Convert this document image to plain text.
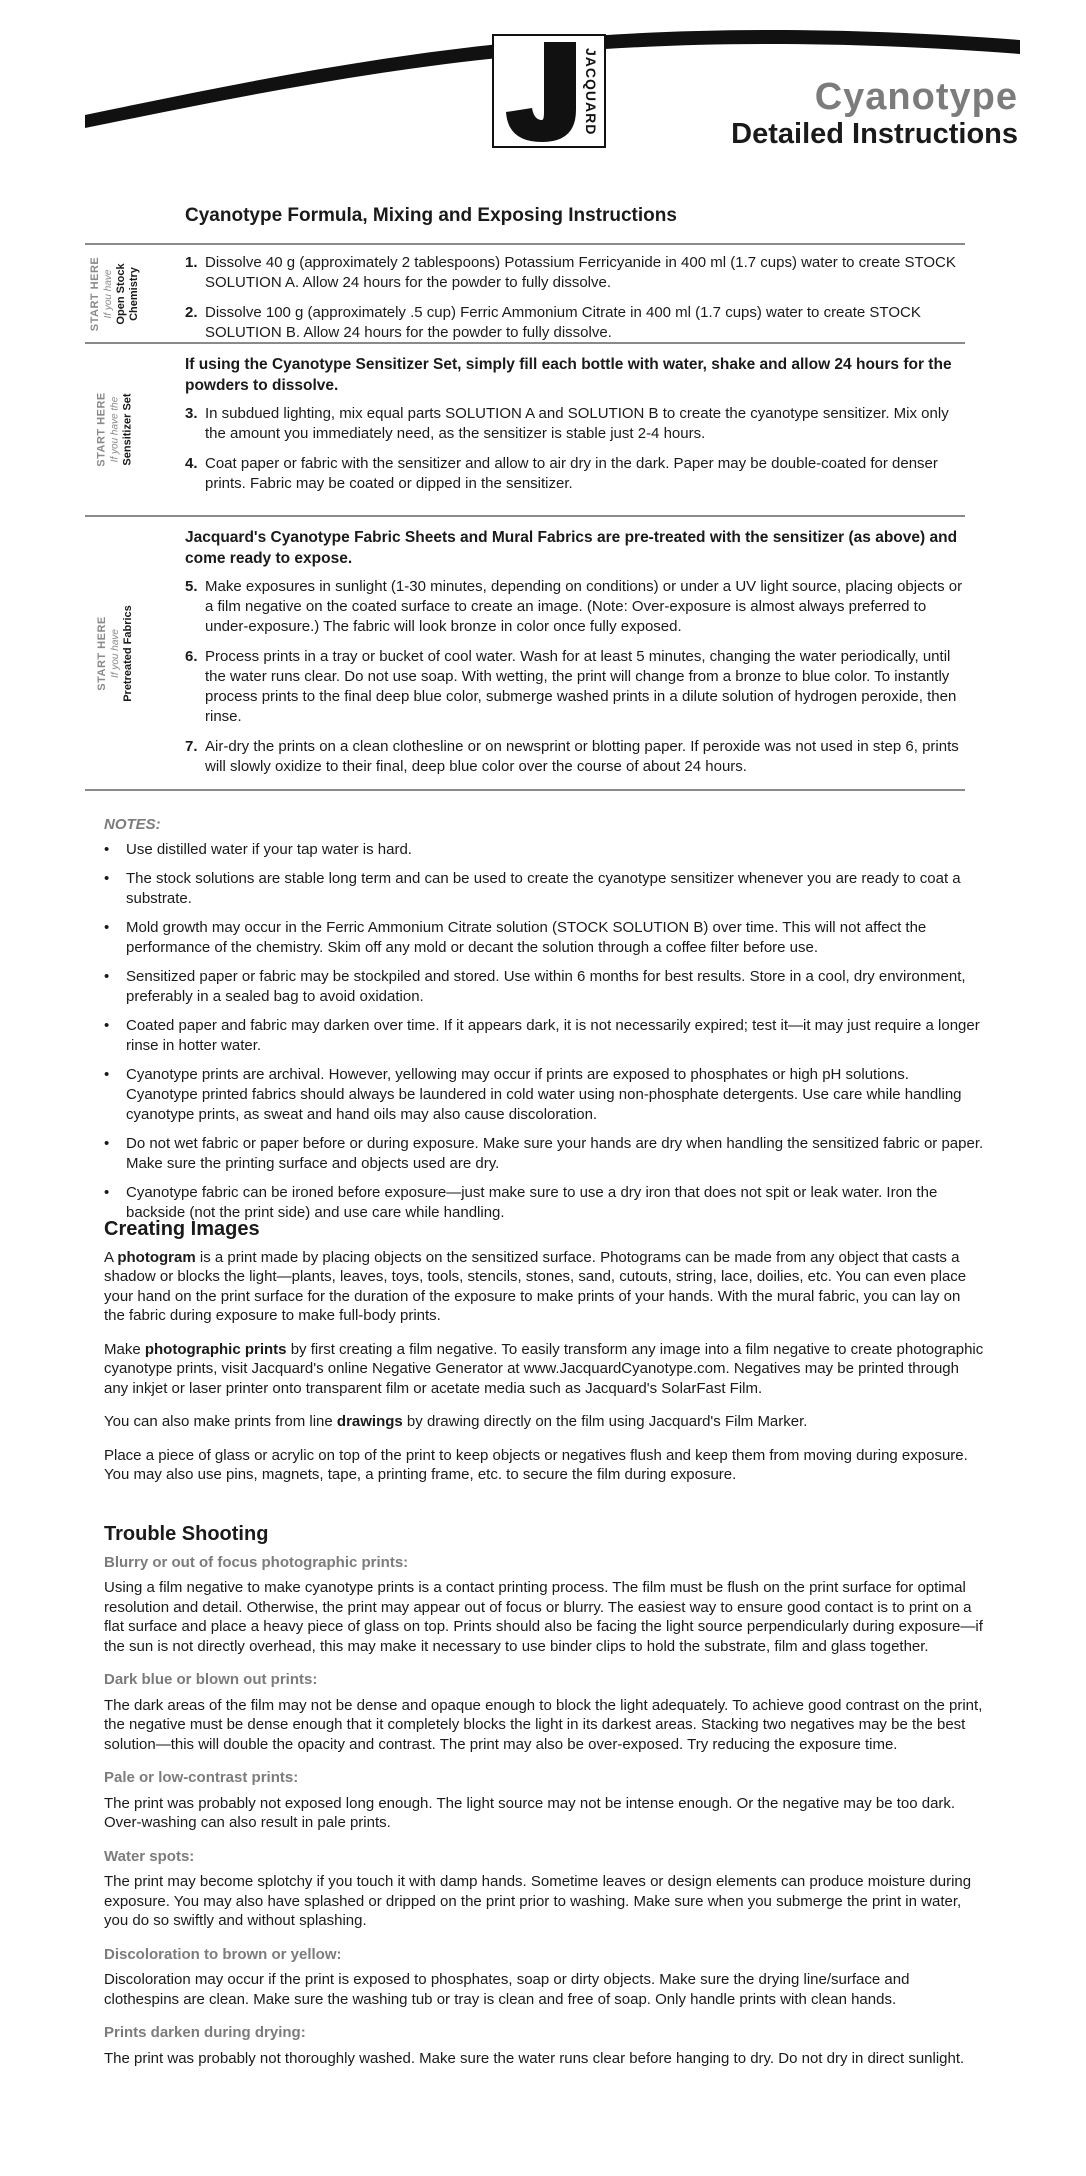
JACQUARD	Cyanotype
Detailed Instructions
Cyanotype Formula, Mixing and Exposing Instructions
START HERE If you have Open Stock Chemistry
1. Dissolve 40 g (approximately 2 tablespoons) Potassium Ferricyanide in 400 ml (1.7 cups) water to create STOCK SOLUTION A. Allow 24 hours for the powder to fully dissolve.
2. Dissolve 100 g (approximately .5 cup) Ferric Ammonium Citrate in 400 ml (1.7 cups) water to create STOCK SOLUTION B. Allow 24 hours for the powder to fully dissolve.
START HERE If you have the Sensitizer Set
If using the Cyanotype Sensitizer Set, simply fill each bottle with water, shake and allow 24 hours for the powders to dissolve.
3. In subdued lighting, mix equal parts SOLUTION A and SOLUTION B to create the cyanotype sensitizer. Mix only the amount you immediately need, as the sensitizer is stable just 2-4 hours.
4. Coat paper or fabric with the sensitizer and allow to air dry in the dark. Paper may be double-coated for denser prints. Fabric may be coated or dipped in the sensitizer.
START HERE If you have Pretreated Fabrics
Jacquard's Cyanotype Fabric Sheets and Mural Fabrics are pre-treated with the sensitizer (as above) and come ready to expose.
5. Make exposures in sunlight (1-30 minutes, depending on conditions) or under a UV light source, placing objects or a film negative on the coated surface to create an image. (Note: Over-exposure is almost always preferred to under-exposure.) The fabric will look bronze in color once fully exposed.
6. Process prints in a tray or bucket of cool water. Wash for at least 5 minutes, changing the water periodically, until the water runs clear. Do not use soap. With wetting, the print will change from a bronze to blue color. To instantly process prints to the final deep blue color, submerge washed prints in a dilute solution of hydrogen peroxide, then rinse.
7. Air-dry the prints on a clean clothesline or on newsprint or blotting paper. If peroxide was not used in step 6, prints will slowly oxidize to their final, deep blue color over the course of about 24 hours.
NOTES:
•	Use distilled water if your tap water is hard.
•	The stock solutions are stable long term and can be used to create the cyanotype sensitizer whenever you are ready to coat a substrate.
•	Mold growth may occur in the Ferric Ammonium Citrate solution (STOCK SOLUTION B) over time. This will not affect the performance of the chemistry. Skim off any mold or decant the solution through a coffee filter before use.
•	Sensitized paper or fabric may be stockpiled and stored. Use within 6 months for best results. Store in a cool, dry environment, preferably in a sealed bag to avoid oxidation.
•	Coated paper and fabric may darken over time. If it appears dark, it is not necessarily expired; test it—it may just require a longer rinse in hotter water.
•	Cyanotype prints are archival. However, yellowing may occur if prints are exposed to phosphates or high pH solutions. Cyanotype printed fabrics should always be laundered in cold water using non-phosphate detergents. Use care while handling cyanotype prints, as sweat and hand oils may also cause discoloration.
•	Do not wet fabric or paper before or during exposure. Make sure your hands are dry when handling the sensitized fabric or paper. Make sure the printing surface and objects used are dry.
•	Cyanotype fabric can be ironed before exposure—just make sure to use a dry iron that does not spit or leak water. Iron the backside (not the print side) and use care while handling.
Creating Images

A photogram is a print made by placing objects on the sensitized surface. Photograms can be made from any object that casts a shadow or blocks the light—plants, leaves, toys, tools, stencils, stones, sand, cutouts, string, lace, doilies, etc. You can even place your hand on the print surface for the duration of the exposure to make prints of your hands. With the mural fabric, you can lay on the fabric during exposure to make full-body prints.

Make photographic prints by first creating a film negative. To easily transform any image into a film negative to create photographic cyanotype prints, visit Jacquard's online Negative Generator at www.JacquardCyanotype.com. Negatives may be printed through any inkjet or laser printer onto transparent film or acetate media such as Jacquard's SolarFast Film.

You can also make prints from line drawings by drawing directly on the film using Jacquard's Film Marker.

Place a piece of glass or acrylic on top of the print to keep objects or negatives flush and keep them from moving during exposure. You may also use pins, magnets, tape, a printing frame, etc. to secure the film during exposure.

Trouble Shooting
Blurry or out of focus photographic prints:

Using a film negative to make cyanotype prints is a contact printing process. The film must be flush on the print surface for optimal resolution and detail. Otherwise, the print may appear out of focus or blurry. The easiest way to ensure good contact is to print on a flat surface and place a heavy piece of glass on top. Prints should also be facing the light source perpendicularly during exposure—if the sun is not directly overhead, this may make it necessary to use binder clips to hold the substrate, film and glass together.

Dark blue or blown out prints:

The dark areas of the film may not be dense and opaque enough to block the light adequately. To achieve good contrast on the print, the negative must be dense enough that it completely blocks the light in its darkest areas. Stacking two negatives may be the best solution—this will double the opacity and contrast. The print may also be over-exposed. Try reducing the exposure time.

Pale or low-contrast prints:

The print was probably not exposed long enough. The light source may not be intense enough. Or the negative may be too dark. Over-washing can also result in pale prints.

Water spots:

The print may become splotchy if you touch it with damp hands. Sometime leaves or design elements can produce moisture during exposure. You may also have splashed or dripped on the print prior to washing. Make sure when you submerge the print in water, you do so swiftly and without splashing.

Discoloration to brown or yellow:

Discoloration may occur if the print is exposed to phosphates, soap or dirty objects. Make sure the drying line/surface and clothespins are clean. Make sure the washing tub or tray is clean and free of soap. Only handle prints with clean hands.

Prints darken during drying:

The print was probably not thoroughly washed. Make sure the water runs clear before hanging to dry. Do not dry in direct sunlight.
